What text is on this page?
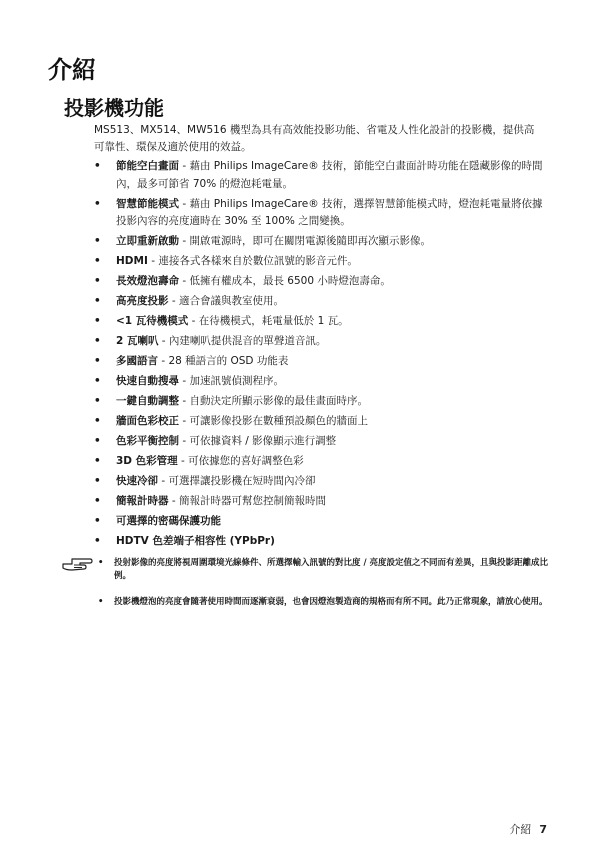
介紹
投影機功能

MS513、MX514、MW516 機型為具有高效能投影功能、省電及人性化設計的投影機，提供高可靠性、環保及適於使用的效益。

• 節能空白畫面 - 藉由 Philips ImageCare® 技術，節能空白畫面計時功能在隱藏影像的時間內，最多可節省 70% 的燈泡耗電量。
• 智慧節能模式 - 藉由 Philips ImageCare® 技術，選擇智慧節能模式時，燈泡耗電量將依據投影內容的亮度適時在 30% 至 100% 之間變換。
• 立即重新啟動 - 開啟電源時，即可在關閉電源後隨即再次顯示影像。
• HDMI - 連接各式各樣來自於數位訊號的影音元件。
• 長效燈泡壽命 - 低擁有權成本，最長 6500 小時燈泡壽命。
• 高亮度投影 - 適合會議與教室使用。
• <1 瓦待機模式 - 在待機模式，耗電量低於 1 瓦。
• 2 瓦喇叭 - 內建喇叭提供混音的單聲道音訊。
• 多國語言 - 28 種語言的 OSD 功能表
• 快速自動搜尋 - 加速訊號偵測程序。
• 一鍵自動調整 - 自動決定所顯示影像的最佳畫面時序。
• 牆面色彩校正 - 可讓影像投影在數種預設顏色的牆面上
• 色彩平衡控制 - 可依據資料 / 影像顯示進行調整
• 3D 色彩管理 - 可依據您的喜好調整色彩
• 快速冷卻 - 可選擇讓投影機在短時間內冷卻
• 簡報計時器 - 簡報計時器可幫您控制簡報時間
• 可選擇的密碼保護功能
• HDTV 色差端子相容性 (YPbPr)
• 投射影像的亮度將視周圍環境光線條件、所選擇輸入訊號的對比度 / 亮度設定值之不同而有差異，且與投影距離成比例。
• 投影機燈泡的亮度會隨著使用時間而逐漸衰弱，也會因燈泡製造商的規格而有所不同。此乃正常現象，請放心使用。
介紹 7
